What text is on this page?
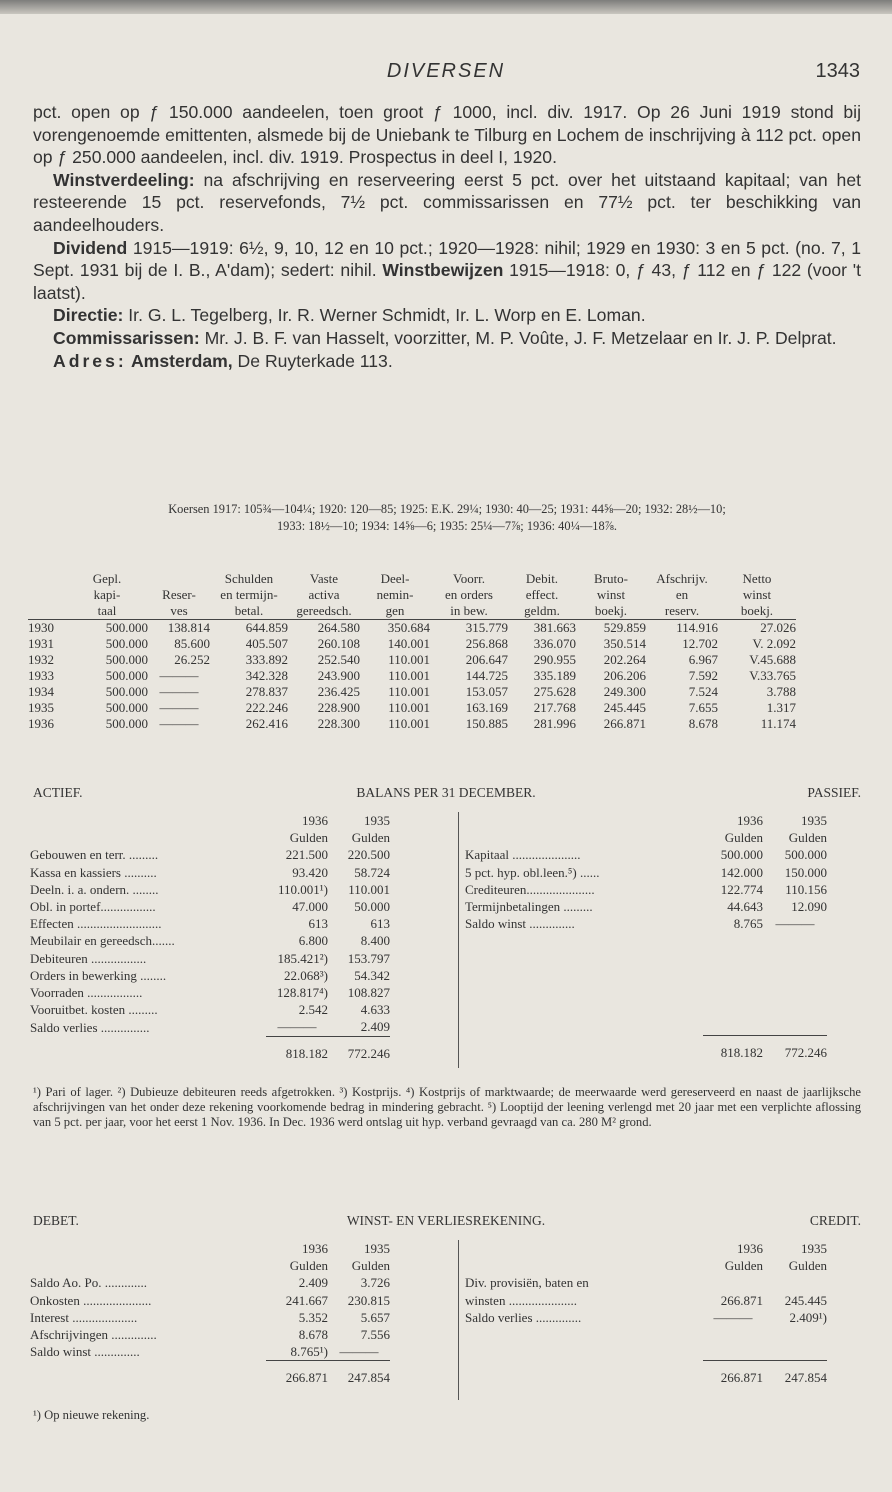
DIVERSEN	1343

pct. open op ƒ 150.000 aandeelen, toen groot ƒ 1000, incl. div. 1917. Op 26 Juni 1919 stond bij vorengenoemde emittenten, alsmede bij de Uniebank te Tilburg en Lochem de inschrijving à 112 pct. open op ƒ 250.000 aandeelen, incl. div. 1919. Prospectus in deel I, 1920.

Winstverdeeling: na afschrijving en reserveering eerst 5 pct. over het uitstaand kapitaal; van het resteerende 15 pct. reservefonds, 7½ pct. commissarissen en 77½ pct. ter beschikking van aandeelhouders.

Dividend 1915—1919: 6½, 9, 10, 12 en 10 pct.; 1920—1928: nihil; 1929 en 1930: 3 en 5 pct. (no. 7, 1 Sept. 1931 bij de I. B., A'dam); sedert: nihil. Winstbewijzen 1915—1918: 0, ƒ 43, ƒ 112 en ƒ 122 (voor 't laatst).

Directie: Ir. G. L. Tegelberg, Ir. R. Werner Schmidt, Ir. L. Worp en E. Loman.

Commissarissen: Mr. J. B. F. van Hasselt, voorzitter, M. P. Voûte, J. F. Metzelaar en Ir. J. P. Delprat.

Adres: Amsterdam, De Ruyterkade 113.

Koersen 1917: 105¾—104¼; 1920: 120—85; 1925: E.K. 29¼; 1930: 40—25; 1931: 44⅝—20; 1932: 28½—10;
1933: 18½—10; 1934: 14⅝—6; 1935: 25¼—7⅞; 1936: 40¼—18⅞.
	Gepl.		Schulden	Vaste	Deel-	Voorr.	Debit.	Bruto-	Afschrijv.	Netto
	kapi-	Reser-	en termijn-	activa	nemin-	en orders	effect.	winst	en	winst
	taal	ves	betal.	gereedsch.	gen	in bew.	geldm.	boekj.	reserv.	boekj.
1930	500.000	138.814	644.859	264.580	350.684	315.779	381.663	529.859	114.916	27.026
1931	500.000	85.600	405.507	260.108	140.001	256.868	336.070	350.514	12.702	V. 2.092
1932	500.000	26.252	333.892	252.540	110.001	206.647	290.955	202.264	6.967	V.45.688
1933	500.000	———	342.328	243.900	110.001	144.725	335.189	206.206	7.592	V.33.765
1934	500.000	———	278.837	236.425	110.001	153.057	275.628	249.300	7.524	3.788
1935	500.000	———	222.246	228.900	110.001	163.169	217.768	245.445	7.655	1.317
1936	500.000	———	262.416	228.300	110.001	150.885	281.996	266.871	8.678	11.174
ACTIEF.	BALANS PER 31 DECEMBER.	PASSIEF.
	1936	1935
	Gulden	Gulden
Gebouwen en terr. .........	221.500	220.500
Kassa en kassiers ..........	93.420	58.724
Deeln. i. a. ondern. ........	110.001¹)	110.001
Obl. in portef.................	47.000	50.000
Effecten ..........................	613	613
Meubilair en gereedsch.......	6.800	8.400
Debiteuren .................	185.421²)	153.797
Orders in bewerking ........	22.068³)	54.342
Voorraden .................	128.817⁴)	108.827
Vooruitbet. kosten .........	2.542	4.633
Saldo verlies ...............	———	2.409
	818.182	772.246
	1936	1935
	Gulden	Gulden
Kapitaal .....................	500.000	500.000
5 pct. hyp. obl.leen.⁵) ......	142.000	150.000
Crediteuren.....................	122.774	110.156
Termijnbetalingen .........	44.643	12.090
Saldo winst ..............	8.765	———

	818.182	772.246
¹) Pari of lager. ²) Dubieuze debiteuren reeds afgetrokken. ³) Kostprijs. ⁴) Kostprijs of marktwaarde; de meerwaarde werd gereserveerd en naast de jaarlijksche afschrijvingen van het onder deze rekening voorkomende bedrag in mindering gebracht. ⁵) Looptijd der leening verlengd met 20 jaar met een verplichte aflossing van 5 pct. per jaar, voor het eerst 1 Nov. 1936. In Dec. 1936 werd ontslag uit hyp. verband gevraagd van ca. 280 M² grond.
DEBET.	WINST- EN VERLIESREKENING.	CREDIT.
	1936	1935
	Gulden	Gulden
Saldo Ao. Po. .............	2.409	3.726
Onkosten .....................	241.667	230.815
Interest ....................	5.352	5.657
Afschrijvingen ..............	8.678	7.556
Saldo winst ..............	8.765¹)	———
	266.871	247.854
	1936	1935
	Gulden	Gulden
Div. provisiën, baten en		
winsten .....................	266.871	245.445
Saldo verlies ..............	———	2.409¹)

	266.871	247.854
¹) Op nieuwe rekening.
